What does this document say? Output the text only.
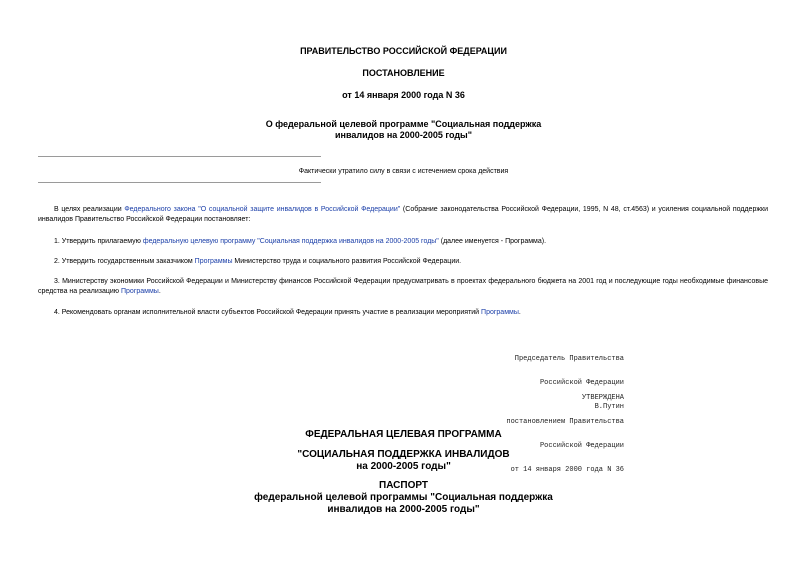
ПРАВИТЕЛЬСТВО РОССИЙСКОЙ ФЕДЕРАЦИИ
ПОСТАНОВЛЕНИЕ
от 14 января 2000 года N 36
О федеральной целевой программе "Социальная поддержка
инвалидов на 2000-2005 годы"
Фактически утратило силу в связи с истечением срока действия
В целях реализации Федерального закона "О социальной защите инвалидов в Российской Федерации" (Собрание законодательства Российской Федерации, 1995, N 48, ст.4563) и усиления социальной поддержки инвалидов Правительство Российской Федерации постановляет:
1. Утвердить прилагаемую федеральную целевую программу "Социальная поддержка инвалидов на 2000-2005 годы" (далее именуется - Программа).
2. Утвердить государственным заказчиком Программы Министерство труда и социального развития Российской Федерации.
3. Министерству экономики Российской Федерации и Министерству финансов Российской Федерации предусматривать в проектах федерального бюджета на 2001 год и последующие годы необходимые финансовые средства на реализацию Программы.
4. Рекомендовать органам исполнительной власти субъектов Российской Федерации принять участие в реализации мероприятий Программы.

Председатель Правительства

Российской Федерации

В.Путин

УТВЕРЖДЕНА

постановлением Правительства

Российской Федерации

от 14 января 2000 года N 36

ФЕДЕРАЛЬНАЯ ЦЕЛЕВАЯ ПРОГРАММА
"СОЦИАЛЬНАЯ ПОДДЕРЖКА ИНВАЛИДОВ
на 2000-2005 годы"
ПАСПОРТ
федеральной целевой программы "Социальная поддержка
инвалидов на 2000-2005 годы"
